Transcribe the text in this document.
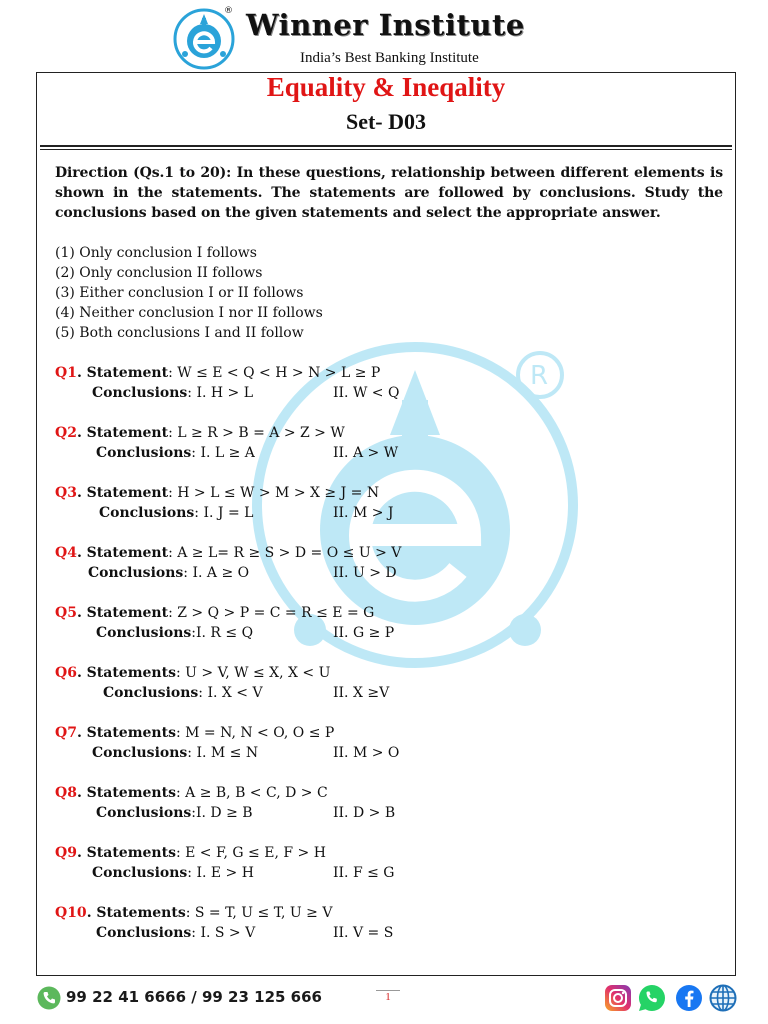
® Winner Institute
India’s Best Banking Institute
Equality & Ineqality
Set- D03
R

Direction (Qs.1 to 20): In these questions, relationship between different elements is shown in the statements. The statements are followed by conclusions. Study the conclusions based on the given statements and select the appropriate answer.

(1) Only conclusion I follows
(2) Only conclusion II follows
(3) Either conclusion I or II follows
(4) Neither conclusion I nor II follows
(5) Both conclusions I and II follow
Q1. Statement: W ≤ E < Q < H > N > L ≥ P
Conclusions: I. H > L	II. W < Q
Q2. Statement: L ≥ R > B = A > Z > W
Conclusions: I. L ≥ A	II. A > W
Q3. Statement: H > L ≤ W > M > X ≥ J = N
Conclusions: I. J = L	II. M > J
Q4. Statement: A ≥ L= R ≥ S > D = O ≤ U > V
Conclusions: I. A ≥ O	II. U > D
Q5. Statement: Z > Q > P = C = R ≤ E = G
Conclusions:I. R ≤ Q	II. G ≥ P
Q6. Statements: U > V, W ≤ X, X < U
Conclusions: I. X < V	II. X ≥V
Q7. Statements: M = N, N < O, O ≤ P
Conclusions: I. M ≤ N	II. M > O
Q8. Statements: A ≥ B, B < C, D > C
Conclusions:I. D ≥ B	II. D > B
Q9. Statements: E < F, G ≤ E, F > H
Conclusions: I. E > H	II. F ≤ G
Q10. Statements: S = T, U ≤ T, U ≥ V
Conclusions: I. S > V	II. V = S
99 22 41 6666 / 99 23 125 666	1
